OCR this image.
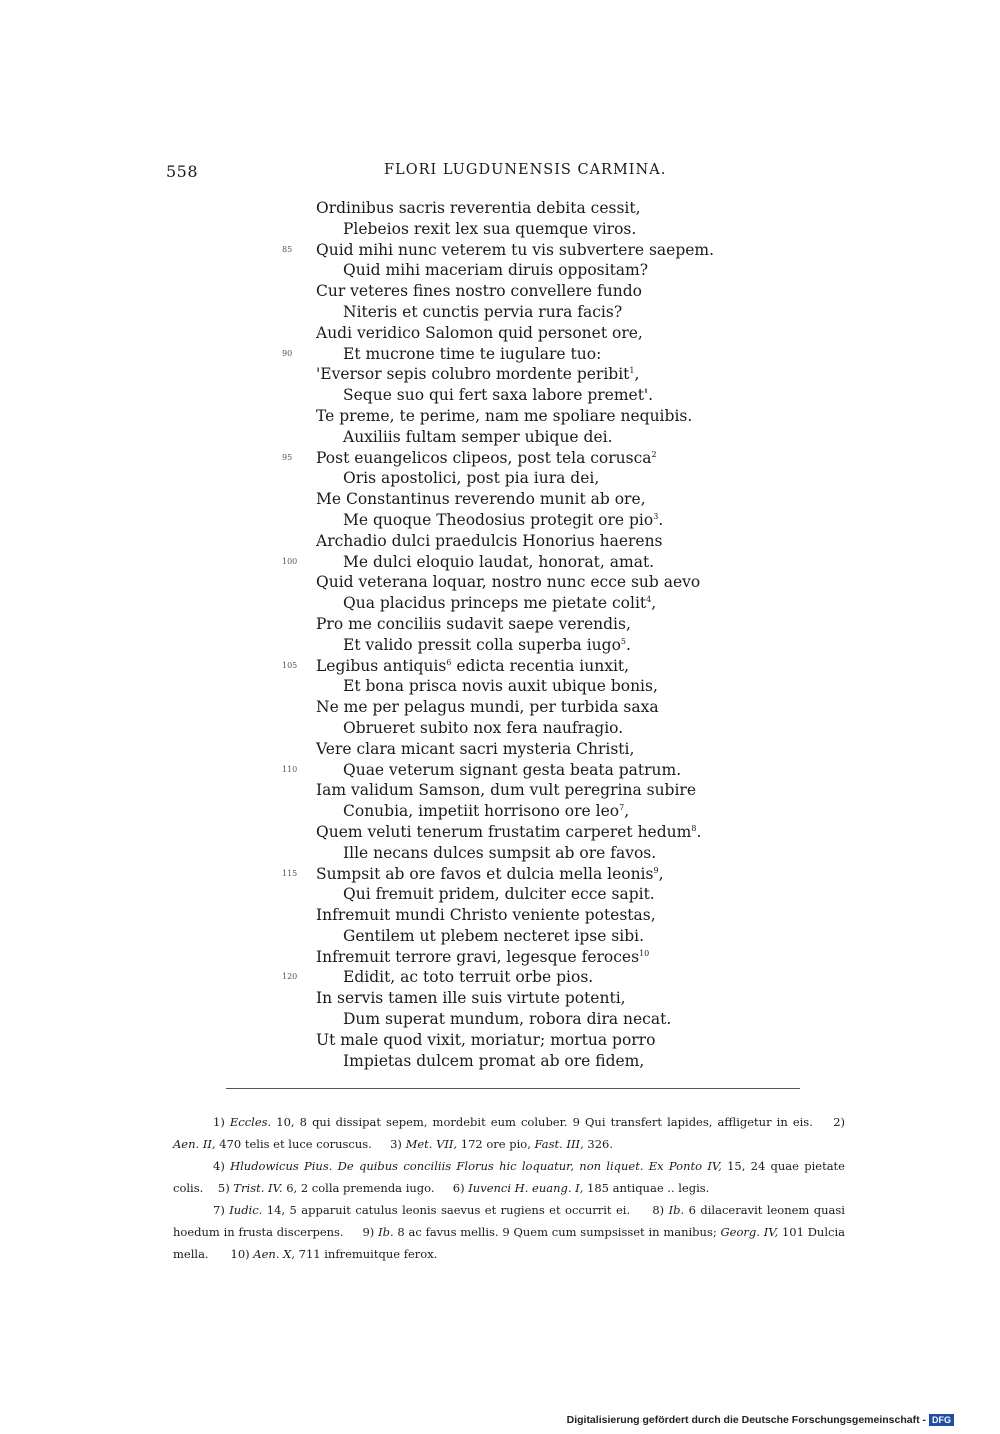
558	FLORI LUGDUNENSIS CARMINA.
Ordinibus sacris reverentia debita cessit,
Plebeios rexit lex sua quemque viros.
85 Quid mihi nunc veterem tu vis subvertere saepem.
Quid mihi maceriam diruis oppositam?
Cur veteres fines nostro convellere fundo
Niteris et cunctis pervia rura facis?
Audi veridico Salomon quid personet ore,
90	Et mucrone time te iugulare tuo:
'Eversor sepis colubro mordente peribit$^1$,
Seque suo qui fert saxa labore premet'.
Te preme, te perime, nam me spoliare nequibis.
Auxiliis fultam semper ubique dei.
95 Post euangelicos clipeos, post tela corusca$^2$
Oris apostolici, post pia iura dei,
Me Constantinus reverendo munit ab ore,
Me quoque Theodosius protegit ore pio$^3$.
Archadio dulci praedulcis Honorius haerens
100	Me dulci eloquio laudat, honorat, amat.
Quid veterana loquar, nostro nunc ecce sub aevo
Qua placidus princeps me pietate colit$^4$,
Pro me conciliis sudavit saepe verendis,
Et valido pressit colla superba iugo$^5$.
105 Legibus antiquis$^6$ edicta recentia iunxit,
Et bona prisca novis auxit ubique bonis,
Ne me per pelagus mundi, per turbida saxa
Obrueret subito nox fera naufragio.
Vere clara micant sacri mysteria Christi,
110	Quae veterum signant gesta beata patrum.
Iam validum Samson, dum vult peregrina subire
Conubia, impetiit horrisono ore leo$^7$,
Quem veluti tenerum frustatim carperet hedum$^8$.
Ille necans dulces sumpsit ab ore favos.
115 Sumpsit ab ore favos et dulcia mella leonis$^9$,
Qui fremuit pridem, dulciter ecce sapit.
Infremuit mundi Christo veniente potestas,
Gentilem ut plebem necteret ipse sibi.
Infremuit terrore gravi, legesque feroces$^{10}$
120	Edidit, ac toto terruit orbe pios.
In servis tamen ille suis virtute potenti,
Dum superat mundum, robora dira necat.
Ut male quod vixit, moriatur; mortua porro
Impietas dulcem promat ab ore fidem,

1) Eccles. 10, 8 qui dissipat sepem, mordebit eum coluber. 9 Qui transfert lapides, affligetur in eis.    2) Aen. II, 470 telis et luce coruscus.     3) Met. VII, 172 ore pio, Fast. III, 326.

4) Hludowicus Pius. De quibus conciliis Florus hic loquatur, non liquet. Ex Ponto IV, 15, 24 quae pietate colis.    5) Trist. IV. 6, 2 colla premenda iugo.     6) Iuvenci H. euang. I, 185 antiquae .. legis.

7) Iudic. 14, 5 apparuit catulus leonis saevus et rugiens et occurrit ei.     8) Ib. 6 dilaceravit leonem quasi hoedum in frusta discerpens.     9) Ib. 8 ac favus mellis. 9 Quem cum sumpsisset in manibus; Georg. IV, 101 Dulcia mella.      10) Aen. X, 711 infremuitque ferox.

Digitalisierung gefördert durch die Deutsche Forschungsgemeinschaft - DFG
